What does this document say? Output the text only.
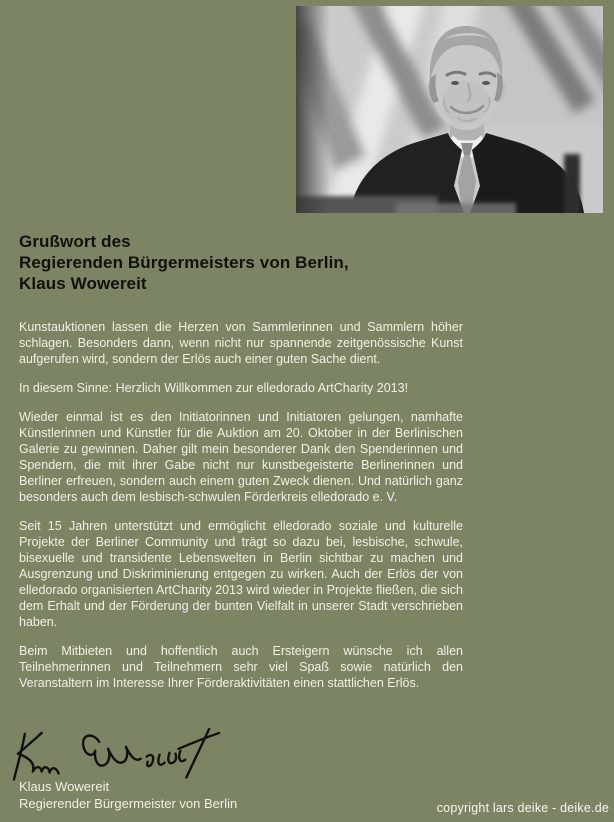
Grußwort des
Regierenden Bürgermeisters von Berlin,
Klaus Wowereit

Kunstauktionen lassen die Herzen von Sammlerinnen und Sammlern höher schlagen. Besonders dann, wenn nicht nur spannende zeitgenössische Kunst aufgerufen wird, sondern der Erlös auch einer guten Sache dient.

In diesem Sinne: Herzlich Willkommen zur elledorado ArtCharity 2013!

Wieder einmal ist es den Initiatorinnen und Initiatoren gelungen, namhafte Künstlerinnen und Künstler für die Auktion am 20. Oktober in der Berlinischen Galerie zu gewinnen. Daher gilt mein besonderer Dank den Spenderinnen und Spendern, die mit ihrer Gabe nicht nur kunstbegeisterte Berlinerinnen und Berliner erfreuen, sondern auch einem guten Zweck dienen. Und natürlich ganz besonders auch dem lesbisch-schwulen Förderkreis elledorado e. V.

Seit 15 Jahren unterstützt und ermöglicht elledorado soziale und kulturelle Projekte der Berliner Community und trägt so dazu bei, lesbische, schwule, bisexuelle und transidente Lebenswelten in Berlin sichtbar zu machen und Ausgrenzung und Diskriminierung entgegen zu wirken. Auch der Erlös der von elledorado organisierten ArtCharity 2013 wird wieder in Projekte fließen, die sich dem Erhalt und der Förderung der bunten Vielfalt in unserer Stadt verschrieben haben.

Beim Mitbieten und hoffentlich auch Ersteigern wünsche ich allen Teilnehmerinnen und Teilnehmern sehr viel Spaß sowie natürlich den Veranstaltern im Interesse Ihrer Förderaktivitäten einen stattlichen Erlös.

Klaus Wowereit
Regierender Bürgermeister von Berlin	copyright lars deike - deike.de
